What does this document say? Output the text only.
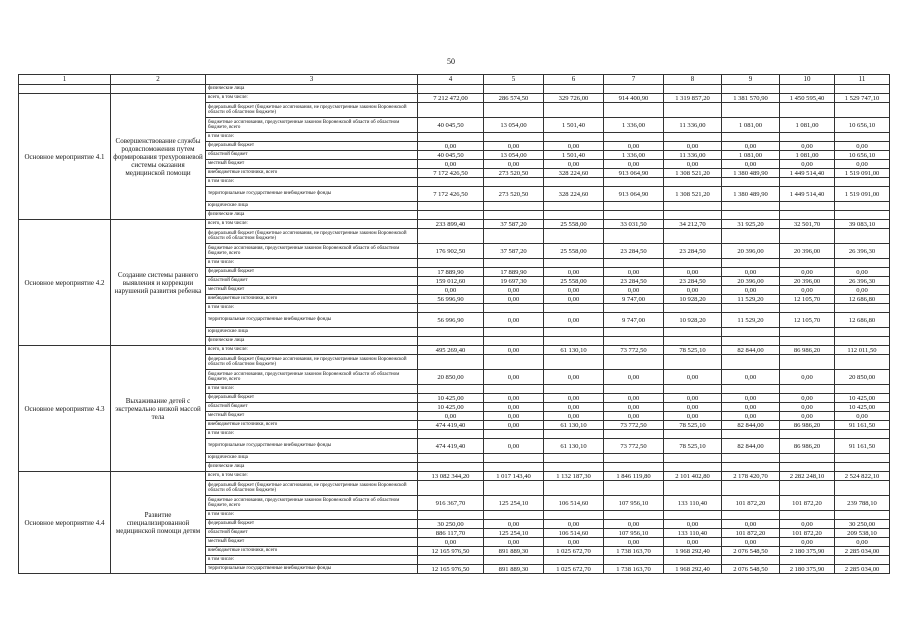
50
1	2	3	4	5	6	7	8	9	10	11
		физические лица								
Основное мероприятие 4.1	Совершенствование службы родовспоможения путем формирования трехуровневой системы оказания медицинской помощи	всего, в том числе:	7 212 472,00	286 574,50	329 726,00	914 400,90	1 319 857,20	1 381 570,90	1 450 595,40	1 529 747,10
		федеральный бюджет (бюджетные ассигнования, не предусмотренные законом Воронежской области об областном бюджете)								
		бюджетные ассигнования, предусмотренные законом Воронежской области об областном бюджете, всего	40 045,50	13 054,00	1 501,40	1 336,00	11 336,00	1 081,00	1 081,00	10 656,10
		в том числе:								
		федеральный бюджет	0,00	0,00	0,00	0,00	0,00	0,00	0,00	0,00
		областной бюджет	40 045,50	13 054,00	1 501,40	1 336,00	11 336,00	1 081,00	1 081,00	10 656,10
		местный бюджет	0,00	0,00	0,00	0,00	0,00	0,00	0,00	0,00
		внебюджетные источники, всего	7 172 426,50	273 520,50	328 224,60	913 064,90	1 308 521,20	1 380 489,90	1 449 514,40	1 519 091,00
		в том числе:								
		территориальные государственные внебюджетные фонды	7 172 426,50	273 520,50	328 224,60	913 064,90	1 308 521,20	1 380 489,90	1 449 514,40	1 519 091,00
		юридические лица								
		физические лица								
Основное мероприятие 4.2	Создание системы раннего выявления и коррекции нарушений развития ребенка	всего, в том числе:	233 899,40	37 587,20	25 558,00	33 031,50	34 212,70	31 925,20	32 501,70	39 083,10
		федеральный бюджет (бюджетные ассигнования, не предусмотренные законом Воронежской области об областном бюджете)								
		бюджетные ассигнования, предусмотренные законом Воронежской области об областном бюджете, всего	176 902,50	37 587,20	25 558,00	23 284,50	23 284,50	20 396,00	20 396,00	26 396,30
		в том числе:								
		федеральный бюджет	17 889,90	17 889,90	0,00	0,00	0,00	0,00	0,00	0,00
		областной бюджет	159 012,60	19 697,30	25 558,00	23 284,50	23 284,50	20 396,00	20 396,00	26 396,30
		местный бюджет	0,00	0,00	0,00	0,00	0,00	0,00	0,00	0,00
		внебюджетные источники, всего	56 996,90	0,00	0,00	9 747,00	10 928,20	11 529,20	12 105,70	12 686,80
		в том числе:								
		территориальные государственные внебюджетные фонды	56 996,90	0,00	0,00	9 747,00	10 928,20	11 529,20	12 105,70	12 686,80
		юридические лица								
		физические лица								
Основное мероприятие 4.3	Выхаживание детей с экстремально низкой массой тела	всего, в том числе:	495 269,40	0,00	61 130,10	73 772,50	78 525,10	82 844,00	86 986,20	112 011,50
		федеральный бюджет (бюджетные ассигнования, не предусмотренные законом Воронежской области об областном бюджете)								
		бюджетные ассигнования, предусмотренные законом Воронежской области об областном бюджете, всего	20 850,00	0,00	0,00	0,00	0,00	0,00	0,00	20 850,00
		в том числе:								
		федеральный бюджет	10 425,00	0,00	0,00	0,00	0,00	0,00	0,00	10 425,00
		областной бюджет	10 425,00	0,00	0,00	0,00	0,00	0,00	0,00	10 425,00
		местный бюджет	0,00	0,00	0,00	0,00	0,00	0,00	0,00	0,00
		внебюджетные источники, всего	474 419,40	0,00	61 130,10	73 772,50	78 525,10	82 844,00	86 986,20	91 161,50
		в том числе:								
		территориальные государственные внебюджетные фонды	474 419,40	0,00	61 130,10	73 772,50	78 525,10	82 844,00	86 986,20	91 161,50
		юридические лица								
		физические лица								
Основное мероприятие 4.4	Развитие специализированной медицинской помощи детям	всего, в том числе:	13 082 344,20	1 017 143,40	1 132 187,30	1 846 119,80	2 101 402,80	2 178 420,70	2 282 248,10	2 524 822,10
		федеральный бюджет (бюджетные ассигнования, не предусмотренные законом Воронежской области об областном бюджете)								
		бюджетные ассигнования, предусмотренные законом Воронежской области об областном бюджете, всего	916 367,70	125 254,10	106 514,60	107 956,10	133 110,40	101 872,20	101 872,20	239 788,10
		в том числе:								
		федеральный бюджет	30 250,00	0,00	0,00	0,00	0,00	0,00	0,00	30 250,00
		областной бюджет	886 117,70	125 254,10	106 514,60	107 956,10	133 110,40	101 872,20	101 872,20	209 538,10
		местный бюджет	0,00	0,00	0,00	0,00	0,00	0,00	0,00	0,00
		внебюджетные источники, всего	12 165 976,50	891 889,30	1 025 672,70	1 738 163,70	1 968 292,40	2 076 548,50	2 180 375,90	2 285 034,00
		в том числе:								
		территориальные государственные внебюджетные фонды	12 165 976,50	891 889,30	1 025 672,70	1 738 163,70	1 968 292,40	2 076 548,50	2 180 375,90	2 285 034,00
